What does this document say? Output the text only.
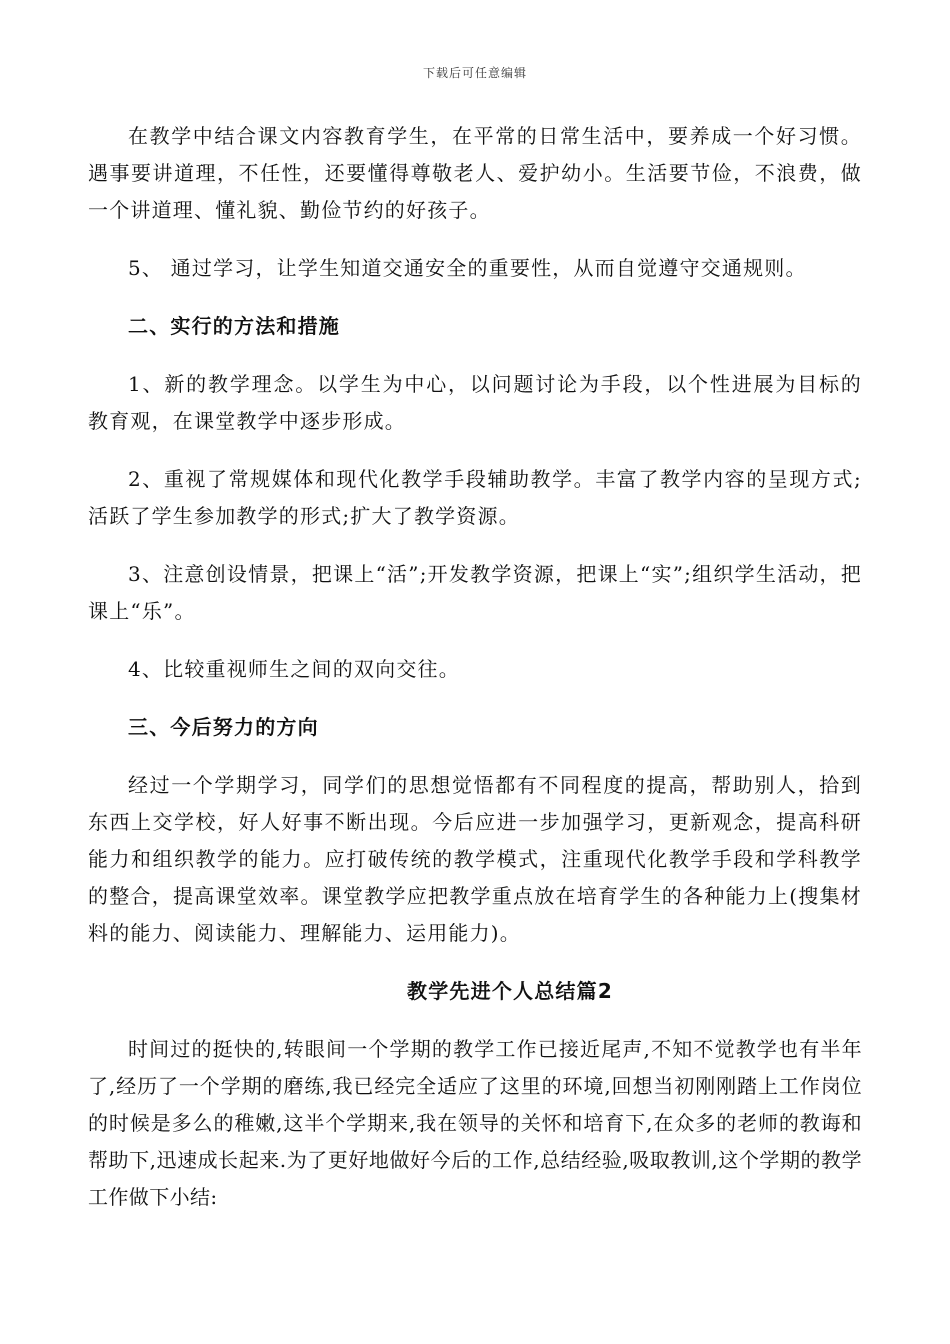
下载后可任意编辑

在教学中结合课文内容教育学生，在平常的日常生活中，要养成一个好习惯。遇事要讲道理，不任性，还要懂得尊敬老人、爱护幼小。生活要节俭，不浪费，做一个讲道理、懂礼貌、勤俭节约的好孩子。

5、 通过学习，让学生知道交通安全的重要性，从而自觉遵守交通规则。

二、实行的方法和措施

1、新的教学理念。以学生为中心，以问题讨论为手段，以个性进展为目标的教育观，在课堂教学中逐步形成。

2、重视了常规媒体和现代化教学手段辅助教学。丰富了教学内容的呈现方式;活跃了学生参加教学的形式;扩大了教学资源。

3、注意创设情景，把课上“活”;开发教学资源，把课上“实”;组织学生活动，把课上“乐”。

4、比较重视师生之间的双向交往。

三、今后努力的方向

经过一个学期学习，同学们的思想觉悟都有不同程度的提高，帮助别人，拾到东西上交学校，好人好事不断出现。今后应进一步加强学习，更新观念，提高科研能力和组织教学的能力。应打破传统的教学模式，注重现代化教学手段和学科教学的整合，提高课堂效率。课堂教学应把教学重点放在培育学生的各种能力上(搜集材料的能力、阅读能力、理解能力、运用能力)。

教学先进个人总结篇2

时间过的挺快的,转眼间一个学期的教学工作已接近尾声,不知不觉教学也有半年了,经历了一个学期的磨练,我已经完全适应了这里的环境,回想当初刚刚踏上工作岗位的时候是多么的稚嫩,这半个学期来,我在领导的关怀和培育下,在众多的老师的教诲和帮助下,迅速成长起来.为了更好地做好今后的工作,总结经验,吸取教训,这个学期的教学工作做下小结:
